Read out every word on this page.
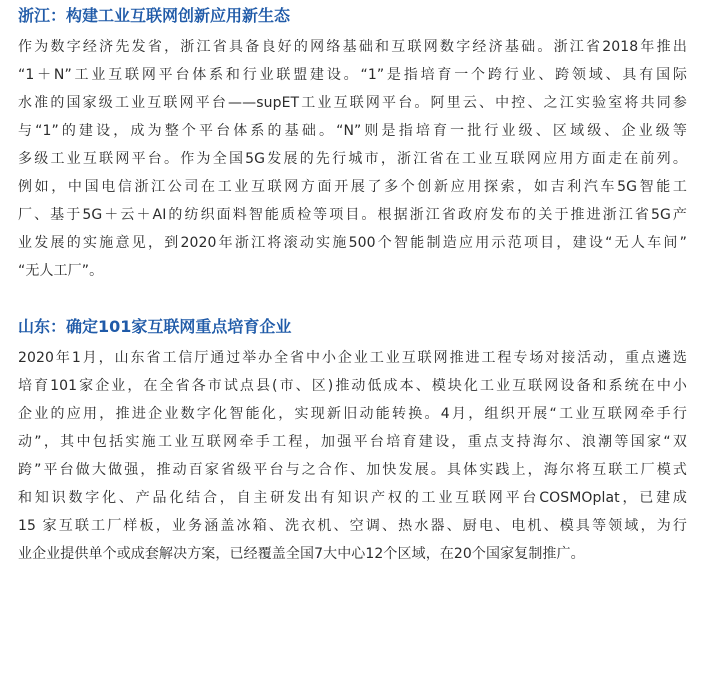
浙江：构建工业互联网创新应用新生态
作为数字经济先发省，浙江省具备良好的网络基础和互联网数字经济基础。浙江省2018年推出
“1＋N”工业互联网平台体系和行业联盟建设。“1”是指培育一个跨行业、跨领域、具有国际
水准的国家级工业互联网平台——supET工业互联网平台。阿里云、中控、之江实验室将共同参
与“1”的建设，成为整个平台体系的基础。“N”则是指培育一批行业级、区域级、企业级等
多级工业互联网平台。作为全国5G发展的先行城市，浙江省在工业互联网应用方面走在前列。
例如，中国电信浙江公司在工业互联网方面开展了多个创新应用探索，如吉利汽车5G智能工
厂、基于5G＋云＋AI的纺织面料智能质检等项目。根据浙江省政府发布的关于推进浙江省5G产
业发展的实施意见，到2020年浙江将滚动实施500个智能制造应用示范项目，建设“无人车间”
“无人工厂”。
山东：确定101家互联网重点培育企业
2020年1月，山东省工信厅通过举办全省中小企业工业互联网推进工程专场对接活动，重点遴选
培育101家企业，在全省各市试点县(市、区)推动低成本、模块化工业互联网设备和系统在中小
企业的应用，推进企业数字化智能化，实现新旧动能转换。4月，组织开展“工业互联网牵手行
动”，其中包括实施工业互联网牵手工程，加强平台培育建设，重点支持海尔、浪潮等国家“双
跨”平台做大做强，推动百家省级平台与之合作、加快发展。具体实践上，海尔将互联工厂模式
和知识数字化、产品化结合，自主研发出有知识产权的工业互联网平台COSMOplat，已建成
15 家互联工厂样板，业务涵盖冰箱、洗衣机、空调、热水器、厨电、电机、模具等领域，为行
业企业提供单个或成套解决方案，已经覆盖全国7大中心12个区域，在20个国家复制推广。
